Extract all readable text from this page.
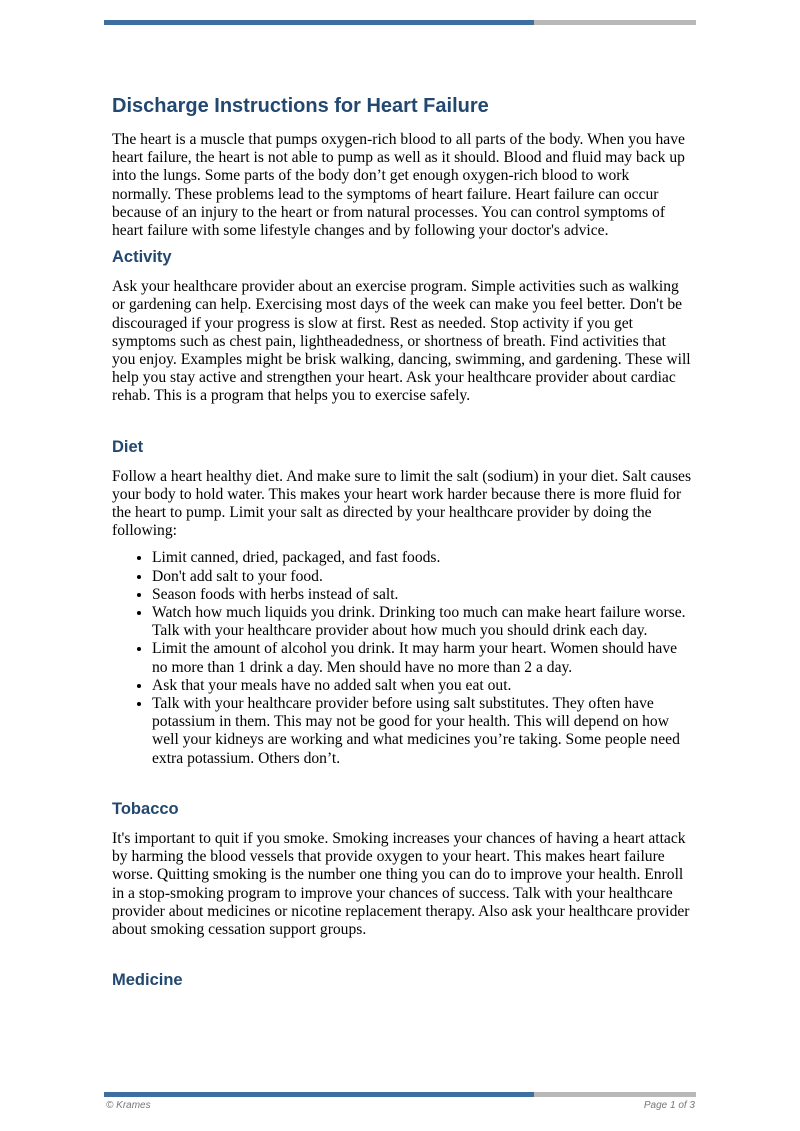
Discharge Instructions for Heart Failure

The heart is a muscle that pumps oxygen-rich blood to all parts of the body. When you have heart failure, the heart is not able to pump as well as it should. Blood and fluid may back up into the lungs. Some parts of the body don’t get enough oxygen-rich blood to work normally. These problems lead to the symptoms of heart failure. Heart failure can occur because of an injury to the heart or from natural processes. You can control symptoms of heart failure with some lifestyle changes and by following your doctor's advice.

Activity

Ask your healthcare provider about an exercise program. Simple activities such as walking or gardening can help. Exercising most days of the week can make you feel better. Don't be discouraged if your progress is slow at first. Rest as needed. Stop activity if you get symptoms such as chest pain, lightheadedness, or shortness of breath. Find activities that you enjoy. Examples might be brisk walking, dancing, swimming, and gardening. These will help you stay active and strengthen your heart. Ask your healthcare provider about cardiac rehab. This is a program that helps you to exercise safely.

Diet

Follow a heart healthy diet. And make sure to limit the salt (sodium) in your diet. Salt causes your body to hold water. This makes your heart work harder because there is more fluid for the heart to pump. Limit your salt as directed by your healthcare provider by doing the following:

• Limit canned, dried, packaged, and fast foods.
• Don't add salt to your food.
• Season foods with herbs instead of salt.
• Watch how much liquids you drink. Drinking too much can make heart failure worse. Talk with your healthcare provider about how much you should drink each day.
• Limit the amount of alcohol you drink. It may harm your heart. Women should have no more than 1 drink a day. Men should have no more than 2 a day.
• Ask that your meals have no added salt when you eat out.
• Talk with your healthcare provider before using salt substitutes. They often have potassium in them. This may not be good for your health. This will depend on how well your kidneys are working and what medicines you’re taking. Some people need extra potassium. Others don’t.
Tobacco

It's important to quit if you smoke. Smoking increases your chances of having a heart attack by harming the blood vessels that provide oxygen to your heart. This makes heart failure worse. Quitting smoking is the number one thing you can do to improve your health. Enroll in a stop-smoking program to improve your chances of success. Talk with your healthcare provider about medicines or nicotine replacement therapy. Also ask your healthcare provider about smoking cessation support groups.

Medicine
© Krames	Page 1 of 3
